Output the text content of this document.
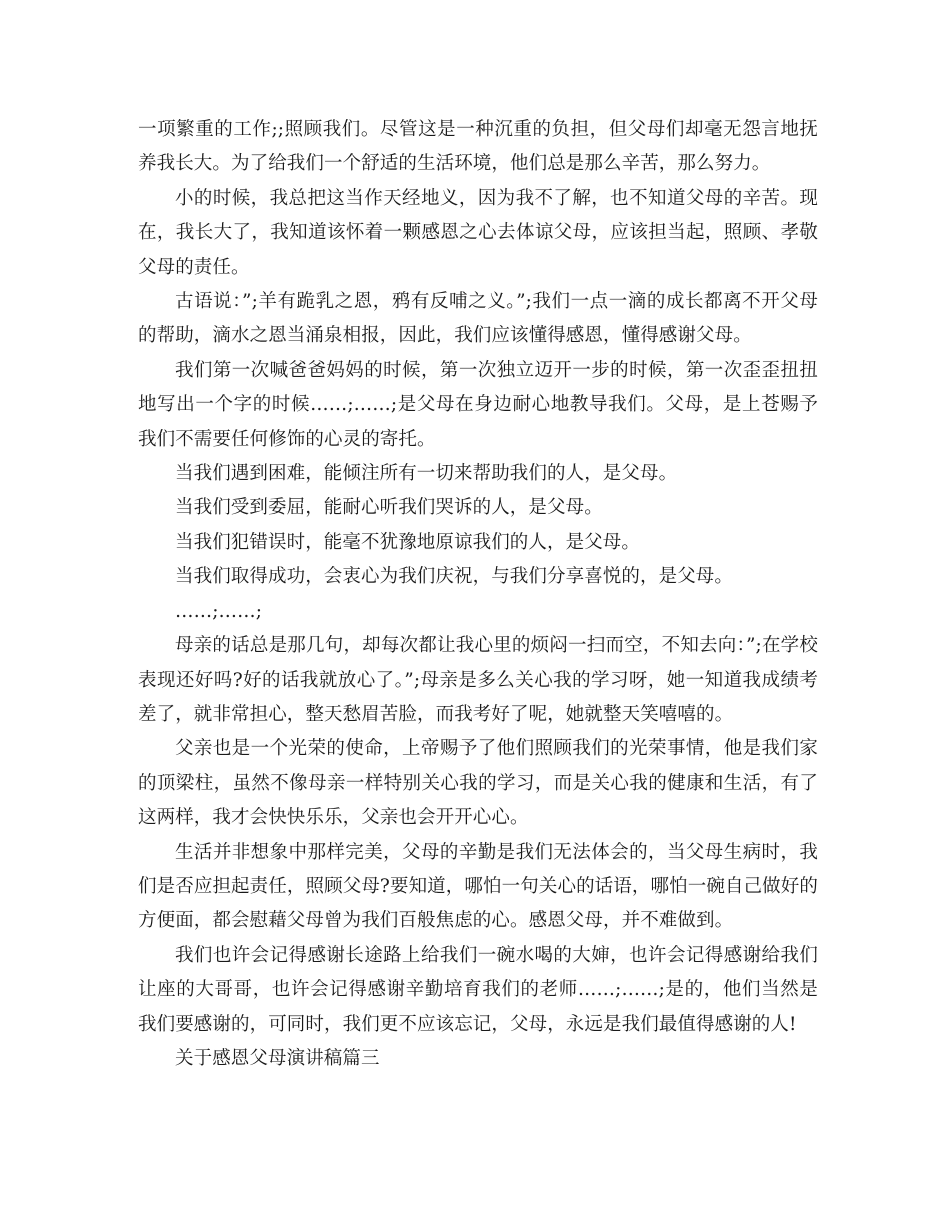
一项繁重的工作;;照顾我们。尽管这是一种沉重的负担，但父母们却毫无怨言地抚养我长大。为了给我们一个舒适的生活环境，他们总是那么辛苦，那么努力。

小的时候，我总把这当作天经地义，因为我不了解，也不知道父母的辛苦。现在，我长大了，我知道该怀着一颗感恩之心去体谅父母，应该担当起，照顾、孝敬父母的责任。

古语说：”;羊有跪乳之恩，鸦有反哺之义。”;我们一点一滴的成长都离不开父母的帮助，滴水之恩当涌泉相报，因此，我们应该懂得感恩，懂得感谢父母。

我们第一次喊爸爸妈妈的时候，第一次独立迈开一步的时候，第一次歪歪扭扭地写出一个字的时候……;……;是父母在身边耐心地教导我们。父母，是上苍赐予我们不需要任何修饰的心灵的寄托。

当我们遇到困难，能倾注所有一切来帮助我们的人，是父母。

当我们受到委屈，能耐心听我们哭诉的人，是父母。

当我们犯错误时，能毫不犹豫地原谅我们的人，是父母。

当我们取得成功，会衷心为我们庆祝，与我们分享喜悦的，是父母。

……;……;

母亲的话总是那几句，却每次都让我心里的烦闷一扫而空，不知去向：”;在学校表现还好吗?好的话我就放心了。”;母亲是多么关心我的学习呀，她一知道我成绩考差了，就非常担心，整天愁眉苦脸，而我考好了呢，她就整天笑嘻嘻的。

父亲也是一个光荣的使命，上帝赐予了他们照顾我们的光荣事情，他是我们家的顶梁柱，虽然不像母亲一样特别关心我的学习，而是关心我的健康和生活，有了这两样，我才会快快乐乐，父亲也会开开心心。

生活并非想象中那样完美，父母的辛勤是我们无法体会的，当父母生病时，我们是否应担起责任，照顾父母?要知道，哪怕一句关心的话语，哪怕一碗自己做好的方便面，都会慰藉父母曾为我们百般焦虑的心。感恩父母，并不难做到。

我们也许会记得感谢长途路上给我们一碗水喝的大婶，也许会记得感谢给我们让座的大哥哥，也许会记得感谢辛勤培育我们的老师……;……;是的，他们当然是我们要感谢的，可同时，我们更不应该忘记，父母，永远是我们最值得感谢的人!

关于感恩父母演讲稿篇三
